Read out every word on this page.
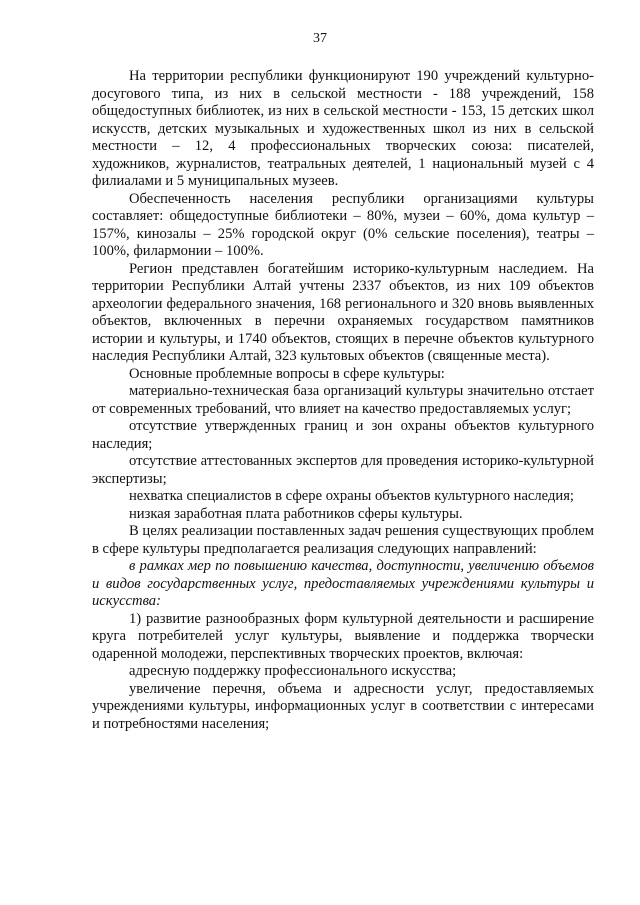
37

На территории республики функционируют 190 учреждений культурно-досугового типа, из них в сельской местности - 188 учреждений, 158 общедоступных библиотек, из них в сельской местности - 153, 15 детских школ искусств, детских музыкальных и художественных школ из них в сельской местности – 12, 4 профессиональных творческих союза: писателей, художников, журналистов, театральных деятелей, 1 национальный музей с 4 филиалами и 5 муниципальных музеев.

Обеспеченность населения республики организациями культуры составляет: общедоступные библиотеки – 80%, музеи – 60%, дома культур – 157%, кинозалы – 25% городской округ (0% сельские поселения), театры – 100%, филармонии – 100%.

Регион представлен богатейшим историко-культурным наследием. На территории Республики Алтай учтены 2337 объектов, из них 109 объектов археологии федерального значения, 168 регионального и 320 вновь выявленных объектов, включенных в перечни охраняемых государством памятников истории и культуры, и 1740 объектов, стоящих в перечне объектов культурного наследия Республики Алтай, 323 культовых объектов (священные места).

Основные проблемные вопросы в сфере культуры:

материально-техническая база организаций культуры значительно отстает от современных требований, что влияет на качество предоставляемых услуг;

отсутствие утвержденных границ и зон охраны объектов культурного наследия;

отсутствие аттестованных экспертов для проведения историко-культурной экспертизы;

нехватка специалистов в сфере охраны объектов культурного наследия;

низкая заработная плата работников сферы культуры.

В целях реализации поставленных задач решения существующих проблем в сфере культуры предполагается реализация следующих направлений:

в рамках мер по повышению качества, доступности, увеличению объемов и видов государственных услуг, предоставляемых учреждениями культуры и искусства:

1) развитие разнообразных форм культурной деятельности и расширение круга потребителей услуг культуры, выявление и поддержка творчески одаренной молодежи, перспективных творческих проектов, включая:

адресную поддержку профессионального искусства;

увеличение перечня, объема и адресности услуг, предоставляемых учреждениями культуры, информационных услуг в соответствии с интересами и потребностями населения;
